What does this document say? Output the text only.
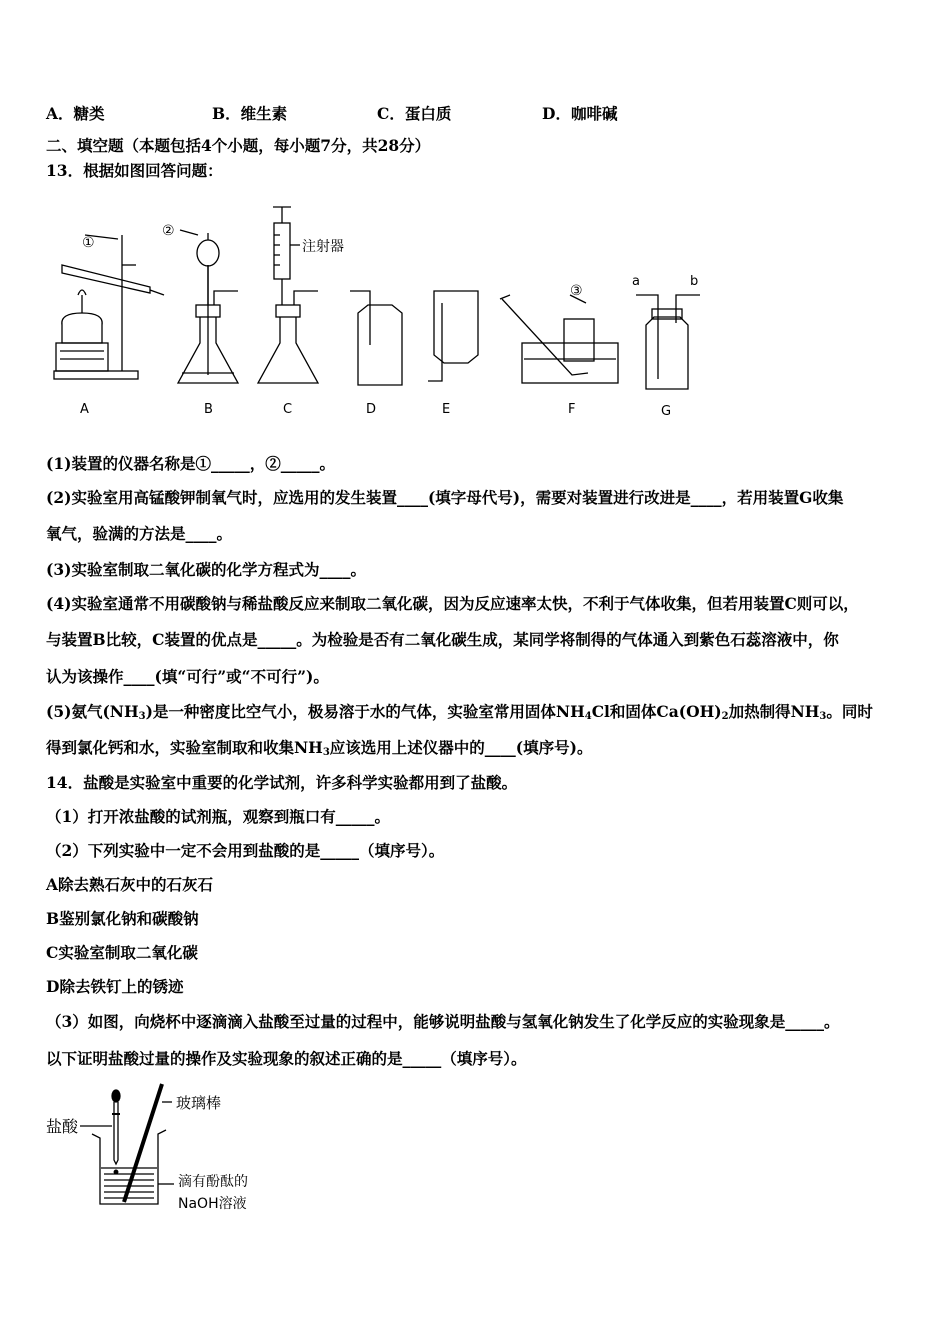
A．糖类	B．维生素	C．蛋白质	D．咖啡碱
二、填空题（本题包括4个小题，每小题7分，共28分）
13．根据如图回答问题：
①
②
③
注射器
a	b
A	B	C	D	E	F	G
(1)装置的仪器名称是①_____，②_____。
(2)实验室用高锰酸钾制氧气时，应选用的发生装置____(填字母代号)，需要对装置进行改进是____，若用装置G收集
氧气，验满的方法是____。
(3)实验室制取二氧化碳的化学方程式为____。
(4)实验室通常不用碳酸钠与稀盐酸反应来制取二氧化碳，因为反应速率太快，不利于气体收集，但若用装置C则可以，
与装置B比较，C装置的优点是_____。为检验是否有二氧化碳生成，某同学将制得的气体通入到紫色石蕊溶液中，你
认为该操作____(填“可行”或“不可行”)。
(5)氨气$(NH_3)$是一种密度比空气小，极易溶于水的气体，实验室常用固体$NH_4Cl$和固体$Ca(OH)_2$加热制得$NH_3$。同时
得到氯化钙和水，实验室制取和收集$NH_3$应该选用上述仪器中的____(填序号)。
14．盐酸是实验室中重要的化学试剂，许多科学实验都用到了盐酸。
（1）打开浓盐酸的试剂瓶，观察到瓶口有_____。
（2）下列实验中一定不会用到盐酸的是_____（填序号）。
A除去熟石灰中的石灰石
B鉴别氯化钠和碳酸钠
C实验室制取二氧化碳
D除去铁钉上的锈迹
（3）如图，向烧杯中逐滴滴入盐酸至过量的过程中，能够说明盐酸与氢氧化钠发生了化学反应的实验现象是_____。
以下证明盐酸过量的操作及实验现象的叙述正确的是_____（填序号）。
盐酸
玻璃棒
滴有酚酞的
NaOH溶液
